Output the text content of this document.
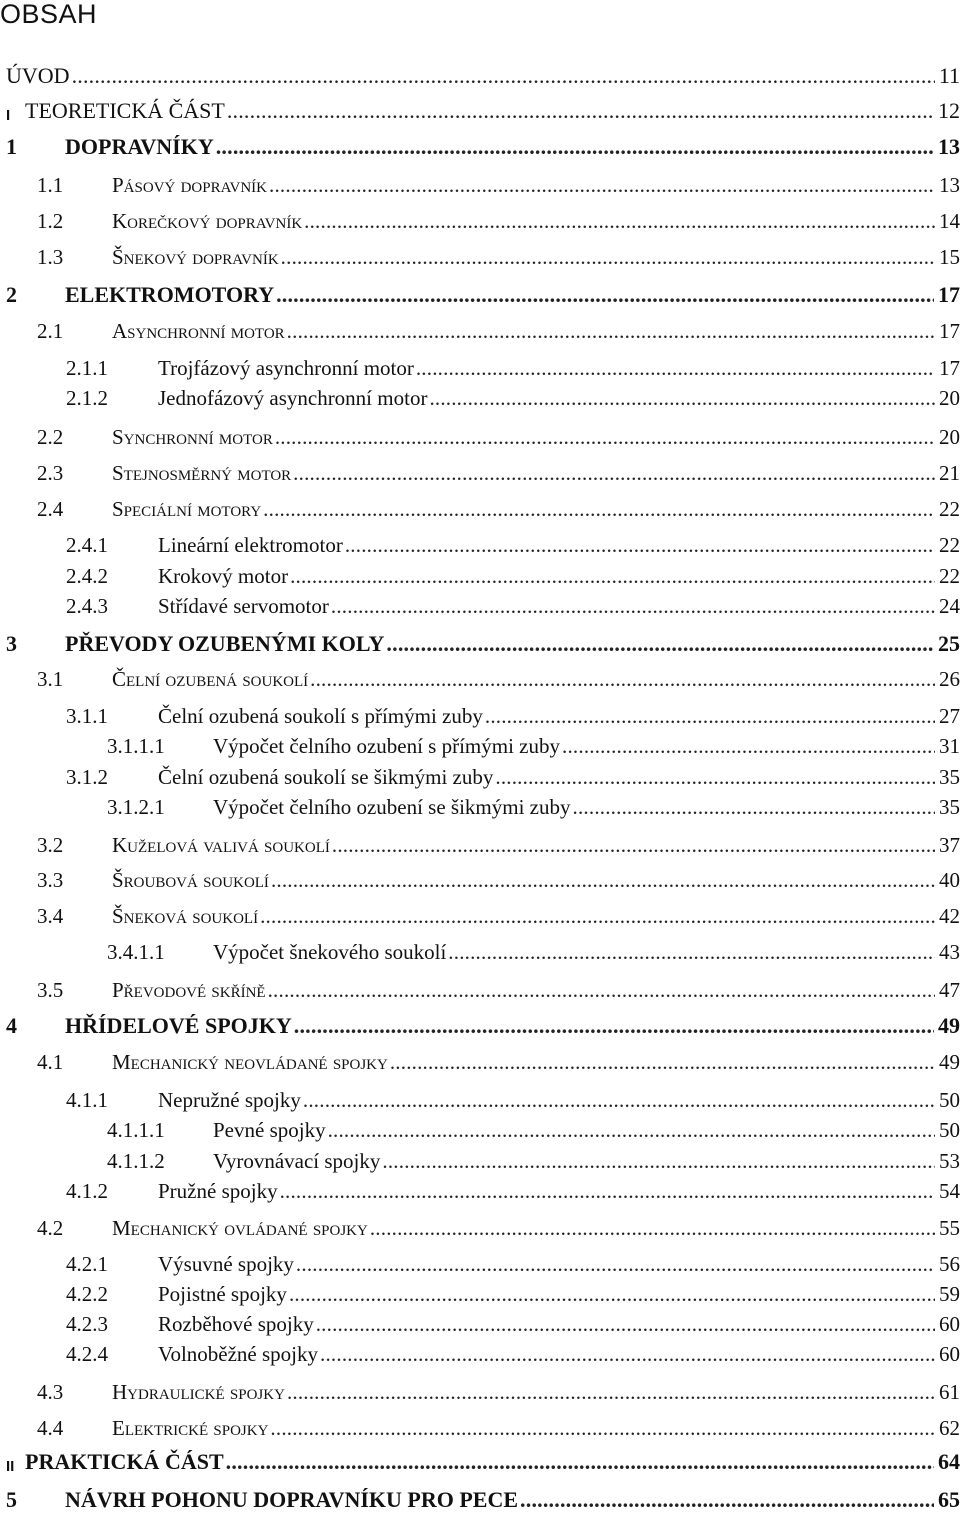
OBSAH
ÚVOD .....	11
I TEORETICKÁ ČÁST .....	12
1 DOPRAVNÍKY .....	13
1.1 Pásový dopravník .....	13
1.2 Korečkový dopravník .....	14
1.3 Šnekový dopravník .....	15
2 ELEKTROMOTORY .....	17
2.1 Asynchronní motor .....	17
2.1.1 Trojfázový asynchronní motor .....	17
2.1.2 Jednofázový asynchronní motor .....	20
2.2 Synchronní motor .....	20
2.3 Stejnosměrný motor .....	21
2.4 Speciální motory .....	22
2.4.1 Lineární elektromotor .....	22
2.4.2 Krokový motor .....	22
2.4.3 Střídavé servomotor .....	24
3 PŘEVODY OZUBENÝMI KOLY .....	25
3.1 Čelní ozubená soukolí .....	26
3.1.1 Čelní ozubená soukolí s přímými zuby .....	27
3.1.1.1 Výpočet čelního ozubení s přímými zuby .....	31
3.1.2 Čelní ozubená soukolí se šikmými zuby .....	35
3.1.2.1 Výpočet čelního ozubení se šikmými zuby .....	35
3.2 Kuželová valivá soukolí .....	37
3.3 Šroubová soukolí .....	40
3.4 Šneková soukolí .....	42
3.4.1.1 Výpočet šnekového soukolí .....	43
3.5 Převodové skříně .....	47
4 HŘÍDELOVÉ SPOJKY .....	49
4.1 Mechanický neovládané spojky .....	49
4.1.1 Nepružné spojky .....	50
4.1.1.1 Pevné spojky .....	50
4.1.1.2 Vyrovnávací spojky .....	53
4.1.2 Pružné spojky .....	54
4.2 Mechanický ovládané spojky .....	55
4.2.1 Výsuvné spojky .....	56
4.2.2 Pojistné spojky .....	59
4.2.3 Rozběhové spojky .....	60
4.2.4 Volnoběžné spojky .....	60
4.3 Hydraulické spojky .....	61
4.4 Elektrické spojky .....	62
II PRAKTICKÁ ČÁST .....	64
5 NÁVRH POHONU DOPRAVNÍKU PRO PECE .....	65
